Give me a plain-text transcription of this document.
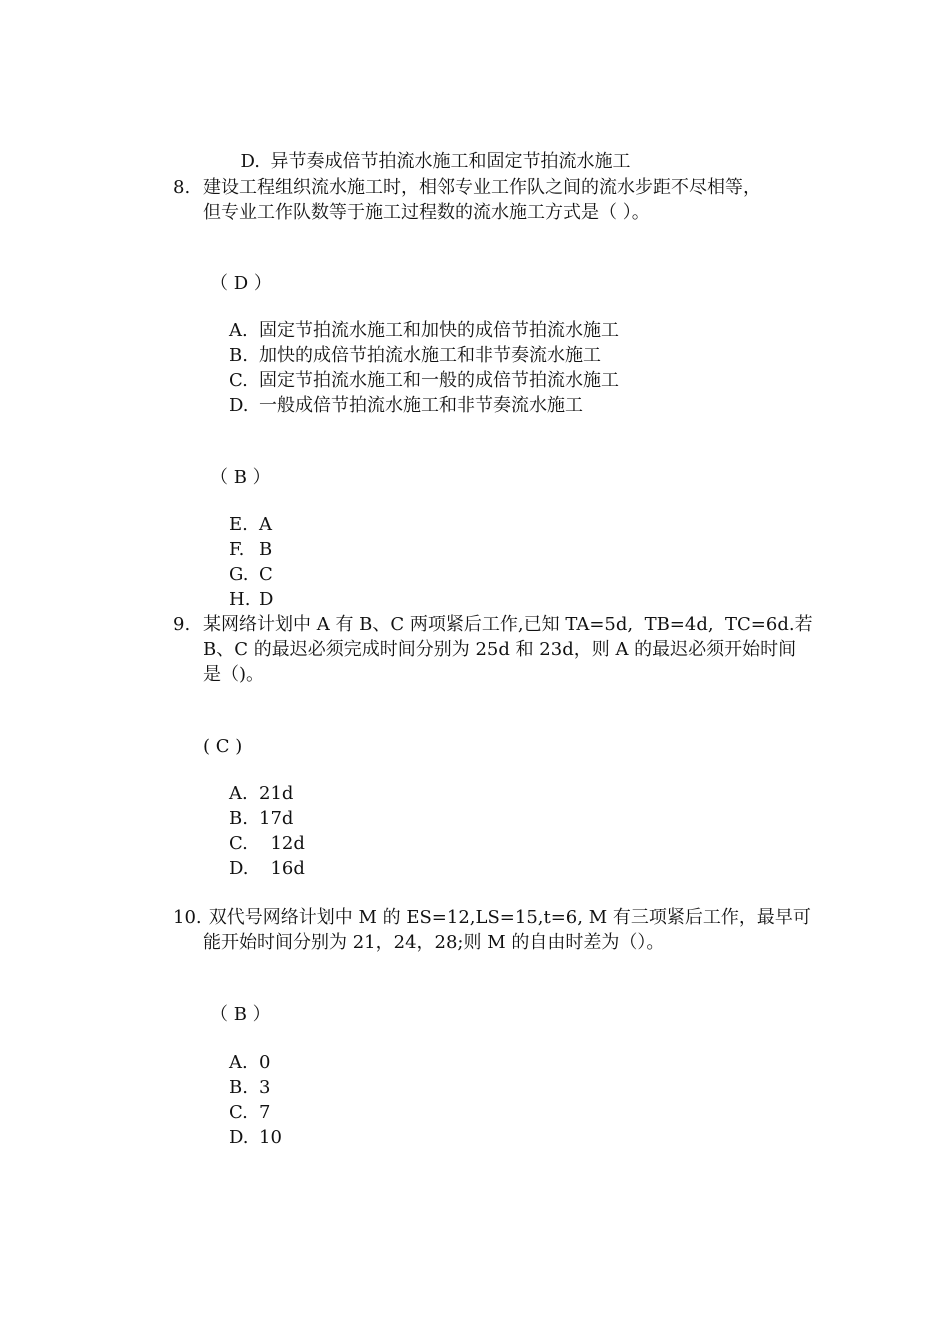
D. 异节奏成倍节拍流水施工和固定节拍流水施工

8. 建设工程组织流水施工时，相邻专业工作队之间的流水步距不尽相等，
但专业工作队数等于施工过程数的流水施工方式是（ ）。
（ D ）
A. 固定节拍流水施工和加快的成倍节拍流水施工
B. 加快的成倍节拍流水施工和非节奏流水施工
C. 固定节拍流水施工和一般的成倍节拍流水施工
D. 一般成倍节拍流水施工和非节奏流水施工
（ B ）
E. A
F. B
G. C
H. D
9. 某网络计划中 A 有 B、C 两项紧后工作,已知 TA=5d,  TB=4d,  TC=6d.若
B、C 的最迟必须完成时间分别为 25d 和 23d，则 A 的最迟必须开始时间
是（)。
( C )
A. 21d
B. 17d
C.  12d
D.  16d
10. 双代号网络计划中 M 的 ES=12,LS=15,t=6, M 有三项紧后工作，最早可
能开始时间分别为 21，24，28;则 M 的自由时差为（）。
（ B ）
A. 0
B. 3
C. 7
D. 10
